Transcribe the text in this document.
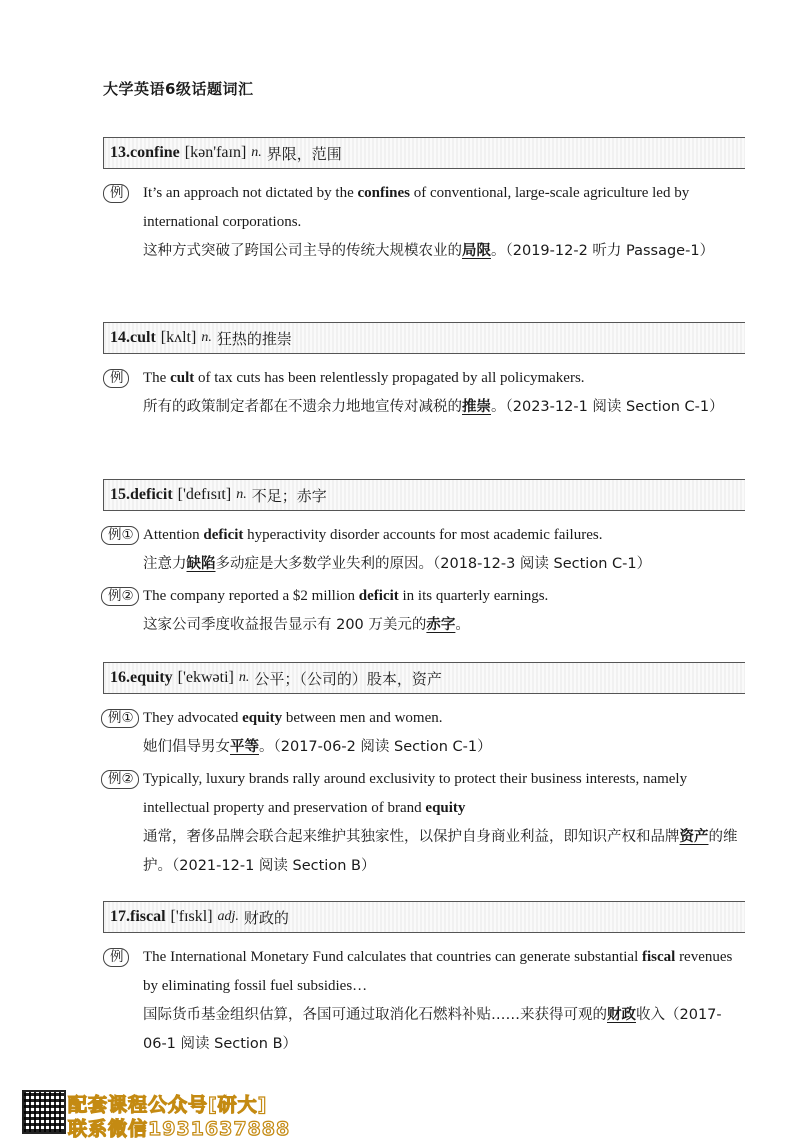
大学英语6级话题词汇
13. confine [kən'faɪn] n. 界限，范围
例	It’s an approach not dictated by the confines of conventional, large-scale agriculture led by international corporations.
这种方式突破了跨国公司主导的传统大规模农业的局限。（2019-12-2 听力 Passage-1）
14. cult [kʌlt] n. 狂热的推崇
例	The cult of tax cuts has been relentlessly propagated by all policymakers.
所有的政策制定者都在不遗余力地地宣传对减税的推崇。（2023-12-1 阅读 Section C-1）
15. deficit ['defɪsɪt] n. 不足；赤字
例① Attention deficit hyperactivity disorder accounts for most academic failures.
注意力缺陷多动症是大多数学业失利的原因。（2018-12-3 阅读 Section C-1）
例② The company reported a $2 million deficit in its quarterly earnings.
这家公司季度收益报告显示有 200 万美元的赤字。
16. equity ['ekwəti] n. 公平；（公司的）股本，资产
例① They advocated equity between men and women.
她们倡导男女平等。（2017-06-2 阅读 Section C-1）
例② Typically, luxury brands rally around exclusivity to protect their business interests, namely intellectual property and preservation of brand equity
通常，奢侈品牌会联合起来维护其独家性，以保护自身商业利益，即知识产权和品牌资产的维护。（2021-12-1 阅读 Section B）
17. fiscal ['fɪskl] adj. 财政的
例	The International Monetary Fund calculates that countries can generate substantial fiscal revenues by eliminating fossil fuel subsidies…
国际货币基金组织估算，各国可通过取消化石燃料补贴……来获得可观的财政收入（2017-06-1 阅读 Section B）
配套课程公众号[研大]
联系微信1931637888
